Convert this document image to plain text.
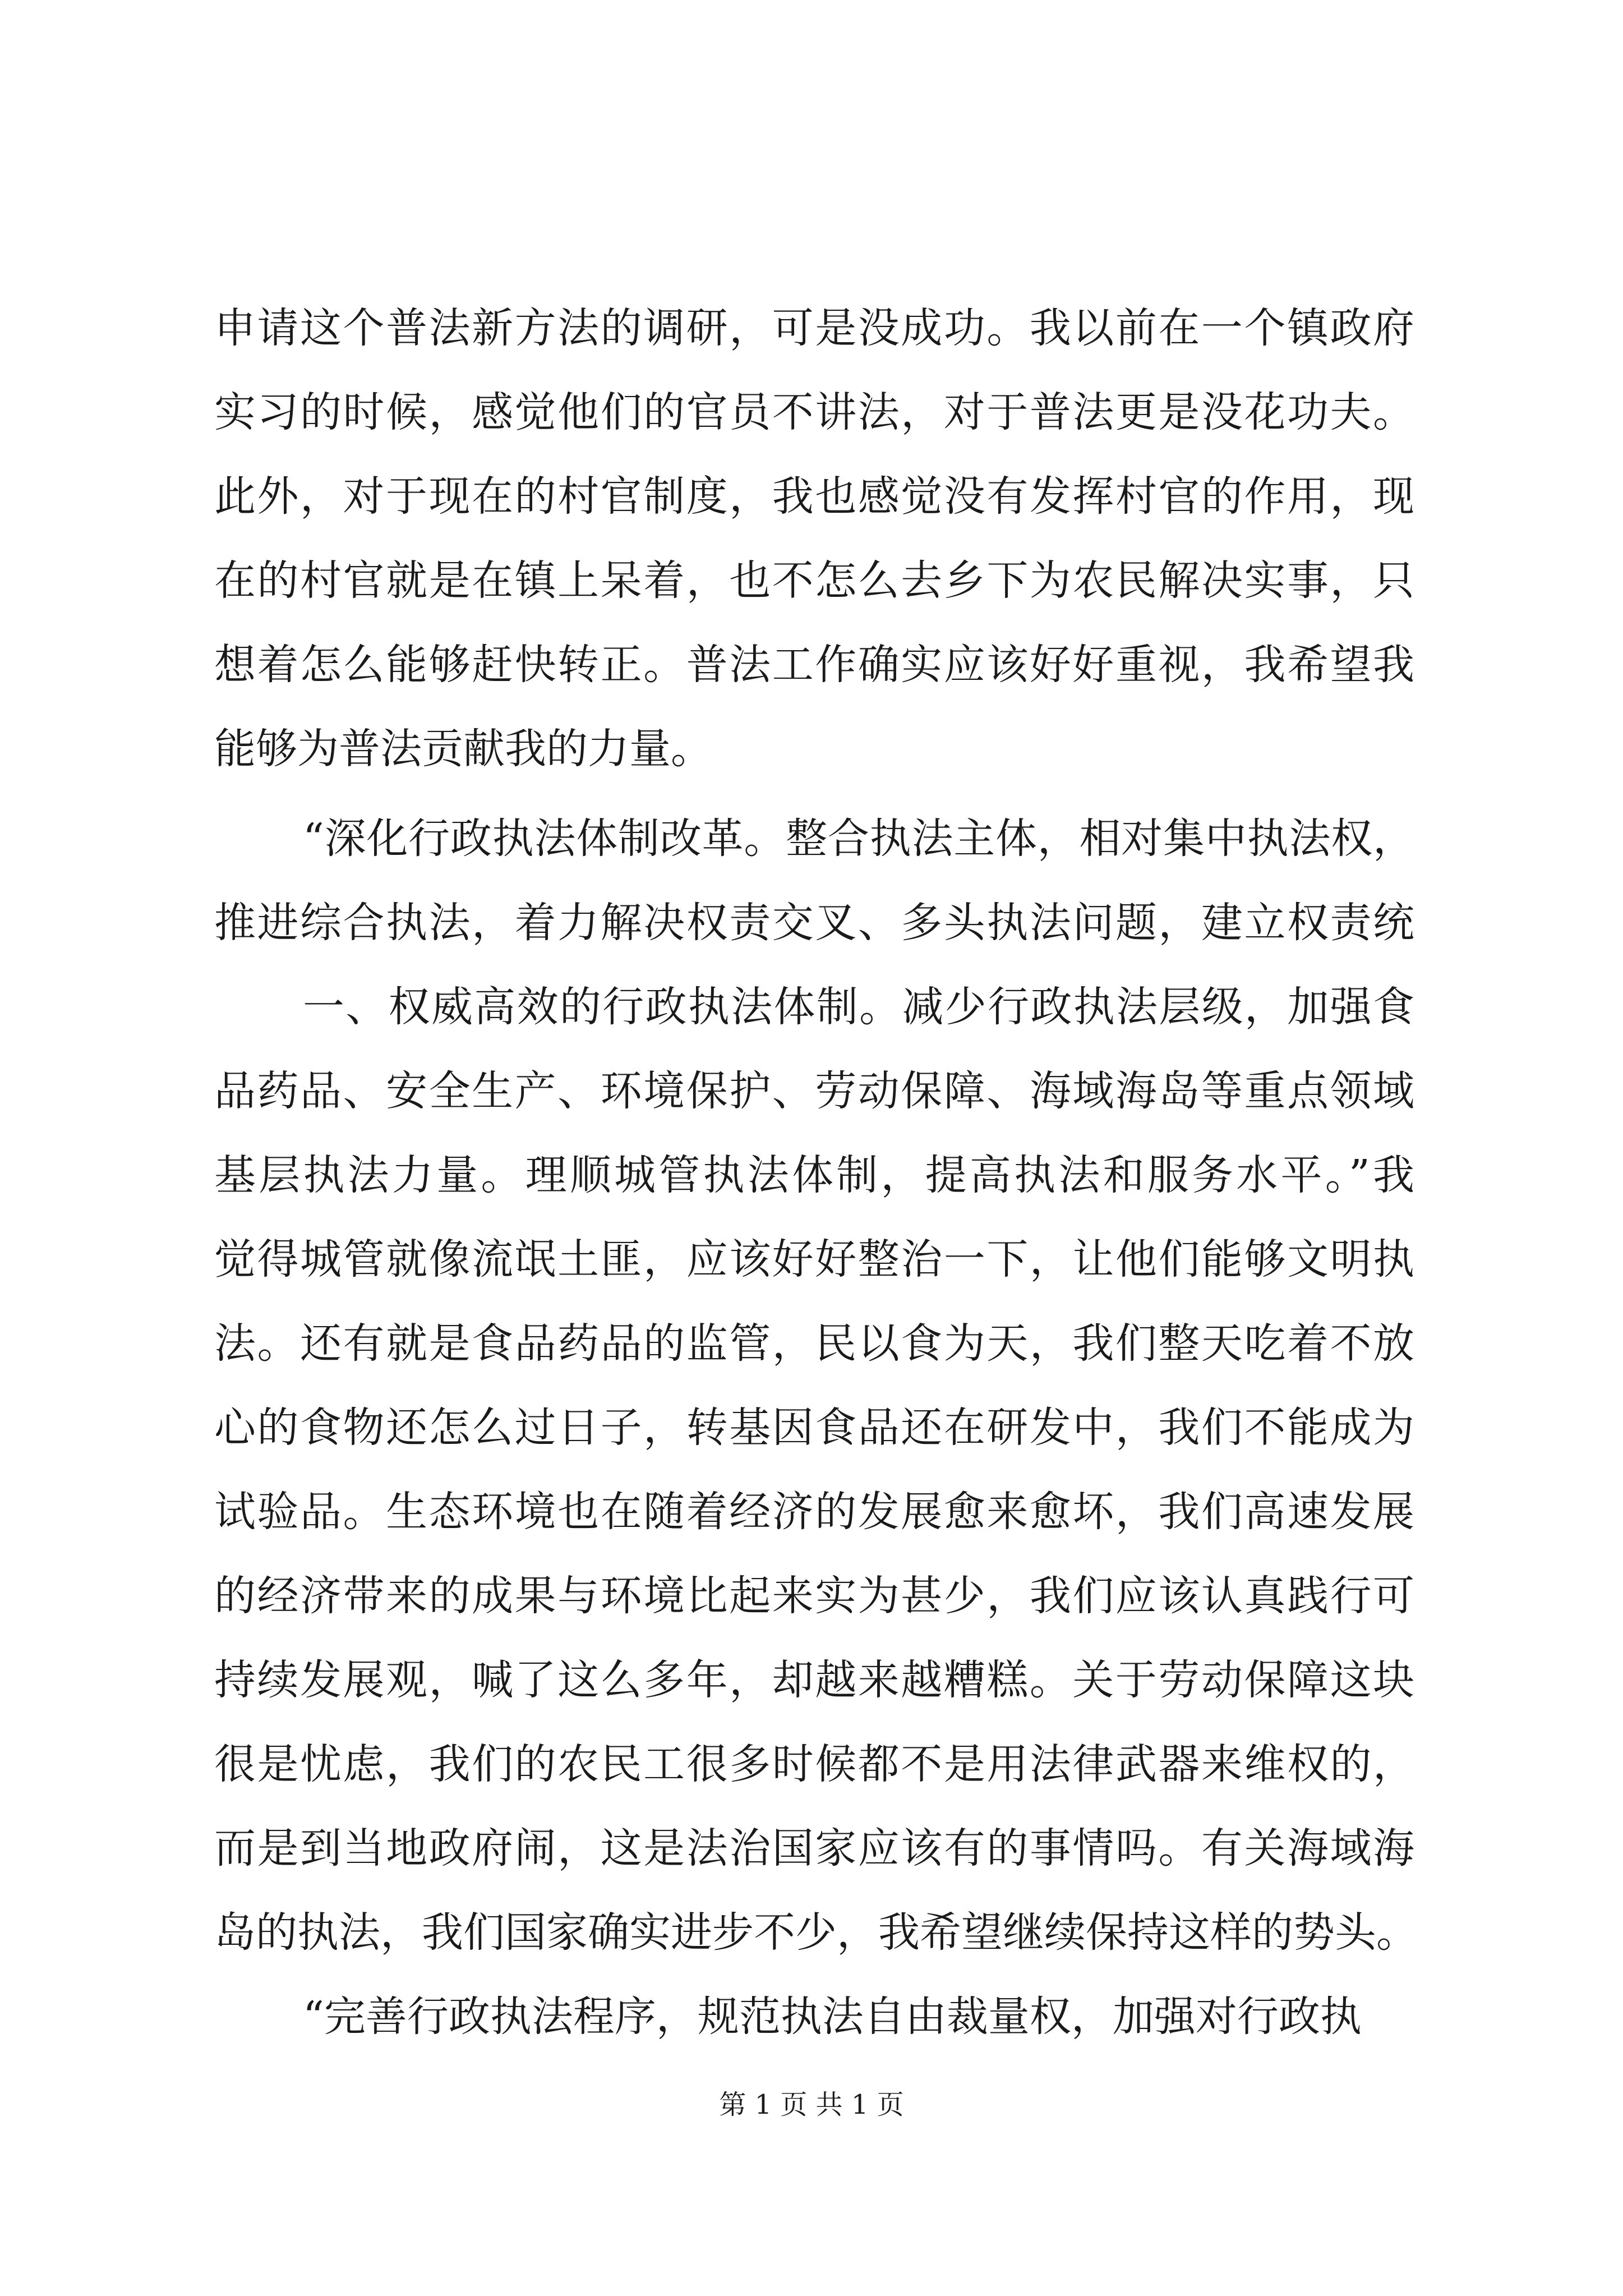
申请这个普法新方法的调研，可是没成功。我以前在一个镇政府
实习的时候，感觉他们的官员不讲法，对于普法更是没花功夫。
此外，对于现在的村官制度，我也感觉没有发挥村官的作用，现
在的村官就是在镇上呆着，也不怎么去乡下为农民解决实事，只
想着怎么能够赶快转正。普法工作确实应该好好重视，我希望我
能够为普法贡献我的力量。
“深化行政执法体制改革。整合执法主体，相对集中执法权，
推进综合执法，着力解决权责交叉、多头执法问题，建立权责统
一、权威高效的行政执法体制。减少行政执法层级，加强食
品药品、安全生产、环境保护、劳动保障、海域海岛等重点领域
基层执法力量。理顺城管执法体制，提高执法和服务水平。”我
觉得城管就像流氓土匪，应该好好整治一下，让他们能够文明执
法。还有就是食品药品的监管，民以食为天，我们整天吃着不放
心的食物还怎么过日子，转基因食品还在研发中，我们不能成为
试验品。生态环境也在随着经济的发展愈来愈坏，我们高速发展
的经济带来的成果与环境比起来实为甚少，我们应该认真践行可
持续发展观，喊了这么多年，却越来越糟糕。关于劳动保障这块
很是忧虑，我们的农民工很多时候都不是用法律武器来维权的，
而是到当地政府闹，这是法治国家应该有的事情吗。有关海域海
岛的执法，我们国家确实进步不少，我希望继续保持这样的势头。
“完善行政执法程序，规范执法自由裁量权，加强对行政执
第 1 页 共 1 页
